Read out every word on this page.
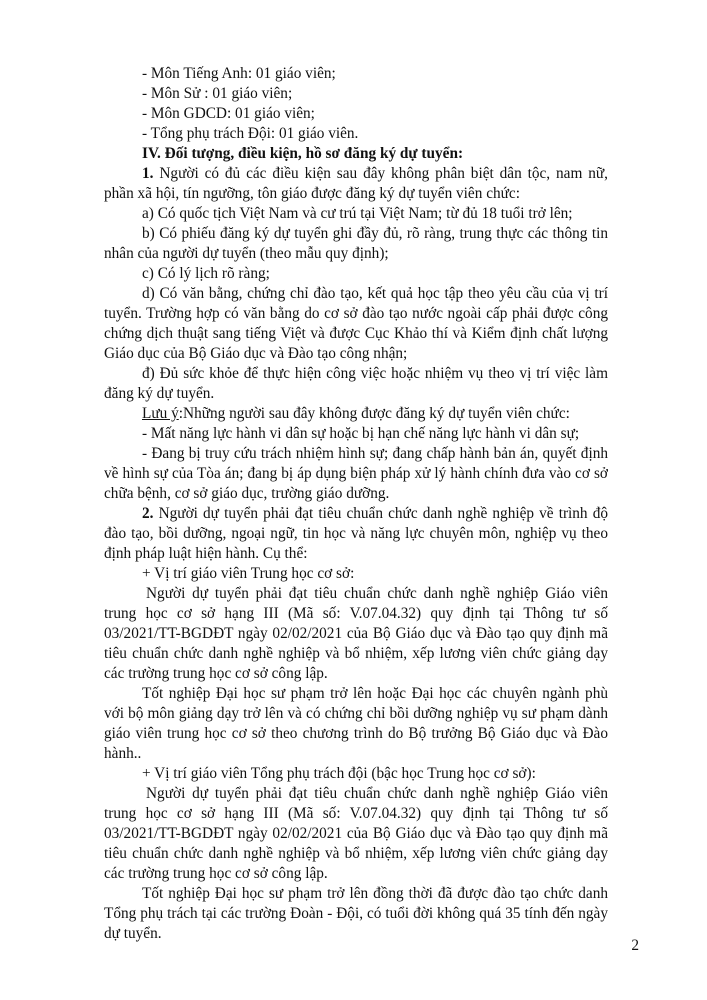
- Môn Tiếng Anh: 01 giáo viên;
- Môn Sử : 01 giáo viên;
- Môn GDCD: 01 giáo viên;
- Tổng phụ trách Đội: 01 giáo viên.
IV. Đối tượng, điều kiện, hồ sơ đăng ký dự tuyển:
1. Người có đủ các điều kiện sau đây không phân biệt dân tộc, nam nữ,
phần xã hội, tín ngưỡng, tôn giáo được đăng ký dự tuyển viên chức:
a) Có quốc tịch Việt Nam và cư trú tại Việt Nam; từ đủ 18 tuổi trở lên;
b) Có phiếu đăng ký dự tuyển ghi đầy đủ, rõ ràng, trung thực các thông tin
nhân của người dự tuyển (theo mẫu quy định);
c) Có lý lịch rõ ràng;
d) Có văn bằng, chứng chỉ đào tạo, kết quả học tập theo yêu cầu của vị trí
tuyển. Trường hợp có văn bằng do cơ sở đào tạo nước ngoài cấp phải được công
chứng dịch thuật sang tiếng Việt và được Cục Khảo thí và Kiểm định chất lượng
Giáo dục của Bộ Giáo dục và Đào tạo công nhận;
đ) Đủ sức khỏe để thực hiện công việc hoặc nhiệm vụ theo vị trí việc làm
đăng ký dự tuyển.
Lưu ý:Những người sau đây không được đăng ký dự tuyển viên chức:
- Mất năng lực hành vi dân sự hoặc bị hạn chế năng lực hành vi dân sự;
- Đang bị truy cứu trách nhiệm hình sự; đang chấp hành bản án, quyết định
về hình sự của Tòa án; đang bị áp dụng biện pháp xử lý hành chính đưa vào cơ sở
chữa bệnh, cơ sở giáo dục, trường giáo dưỡng.
2. Người dự tuyển phải đạt tiêu chuẩn chức danh nghề nghiệp về trình độ
đào tạo, bồi dưỡng, ngoại ngữ, tin học và năng lực chuyên môn, nghiệp vụ theo
định pháp luật hiện hành. Cụ thể:
+ Vị trí giáo viên Trung học cơ sở:
Người dự tuyển phải đạt tiêu chuẩn chức danh nghề nghiệp Giáo viên
trung học cơ sở hạng III (Mã số: V.07.04.32) quy định tại Thông tư số
03/2021/TT-BGDĐT ngày 02/02/2021 của Bộ Giáo dục và Đào tạo quy định mã
tiêu chuẩn chức danh nghề nghiệp và bổ nhiệm, xếp lương viên chức giảng dạy
các trường trung học cơ sở công lập.
Tốt nghiệp Đại học sư phạm trở lên hoặc Đại học các chuyên ngành phù
với bộ môn giảng dạy trở lên và có chứng chỉ bồi dưỡng nghiệp vụ sư phạm dành
giáo viên trung học cơ sở theo chương trình do Bộ trưởng Bộ Giáo dục và Đào
hành..
+ Vị trí giáo viên Tổng phụ trách đội (bậc học Trung học cơ sở):
Người dự tuyển phải đạt tiêu chuẩn chức danh nghề nghiệp Giáo viên
trung học cơ sở hạng III (Mã số: V.07.04.32) quy định tại Thông tư số
03/2021/TT-BGDĐT ngày 02/02/2021 của Bộ Giáo dục và Đào tạo quy định mã
tiêu chuẩn chức danh nghề nghiệp và bổ nhiệm, xếp lương viên chức giảng dạy
các trường trung học cơ sở công lập.
Tốt nghiệp Đại học sư phạm trở lên đồng thời đã được đào tạo chức danh
Tổng phụ trách tại các trường Đoàn - Đội, có tuổi đời không quá 35 tính đến ngày
dự tuyển.
2
